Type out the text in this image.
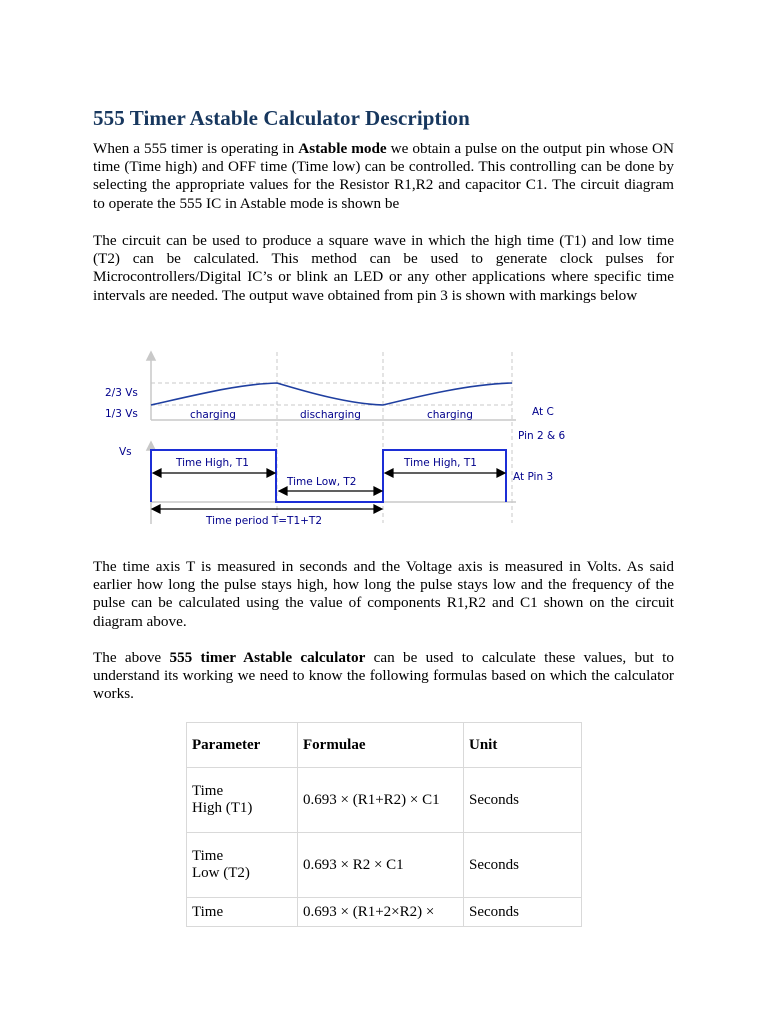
555 Timer Astable Calculator Description

When a 555 timer is operating in Astable mode we obtain a pulse on the output pin whose ON time (Time high) and OFF time (Time low) can be controlled. This controlling can be done by selecting the appropriate values for the Resistor R1,R2 and capacitor C1. The circuit diagram to operate the 555 IC in Astable mode is shown be

The circuit can be used to produce a square wave in which the high time (T1) and low time (T2) can be calculated. This method can be used to generate clock pulses for Microcontrollers/Digital IC’s or blink an LED or any other applications where specific time intervals are needed. The output wave obtained from pin 3 is shown with markings below

2/3 Vs
1/3 Vs	charging	discharging	charging	At C
Pin 2 & 6
Vs
Time High, T1
Time Low, T2
Time High, T1
At Pin 3
Time period T=T1+T2

The time axis T is measured in seconds and the Voltage axis is measured in Volts. As said earlier how long the pulse stays high, how long the pulse stays low and the frequency of the pulse can be calculated using the value of components R1,R2 and C1 shown on the circuit diagram above.

The above 555 timer Astable calculator can be used to calculate these values, but to understand its working we need to know the following formulas based on which the calculator works.

Parameter	Formulae	Unit
Time
High (T1)	0.693 × (R1+R2) × C1	Seconds
Time
Low (T2)	0.693 × R2 × C1	Seconds
Time	0.693 × (R1+2×R2) ×	Seconds
